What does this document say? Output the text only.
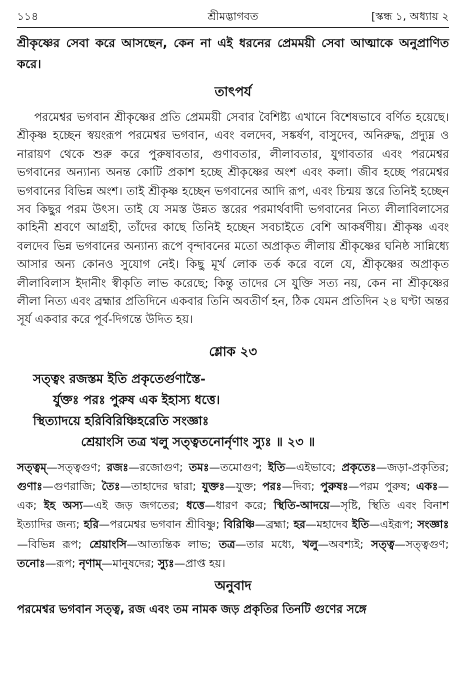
১১৪	শ্রীমদ্ভাগবত	[স্কন্ধ ১, অধ্যায় ২

শ্রীকৃষ্ণের সেবা করে আসছেন, কেন না এই ধরনের প্রেমময়ী সেবা আত্মাকে অনুপ্রাণিত করে।

তাৎপর্য

পরমেশ্বর ভগবান শ্রীকৃষ্ণের প্রতি প্রেমময়ী সেবার বৈশিষ্ট্য এখানে বিশেষভাবে বর্ণিত হয়েছে। শ্রীকৃষ্ণ হচ্ছেন স্বয়ংরূপ পরমেশ্বর ভগবান, এবং বলদেব, সঙ্কর্ষণ, বাসুদেব, অনিরুদ্ধ, প্রদ্যুম্ন ও নারায়ণ থেকে শুরু করে পুরুষাবতার, গুণাবতার, লীলাবতার, যুগাবতার এবং পরমেশ্বর ভগবানের অন্যান্য অনন্ত কোটি প্রকাশ হচ্ছে শ্রীকৃষ্ণের অংশ এবং কলা। জীব হচ্ছে পরমেশ্বর ভগবানের বিভিন্ন অংশ। তাই শ্রীকৃষ্ণ হচ্ছেন ভগবানের আদি রূপ, এবং চিন্ময় স্তরে তিনিই হচ্ছেন সব কিছুর পরম উৎস। তাই যে সমস্ত উন্নত স্তরের পরমার্থবাদী ভগবানের নিত্য লীলাবিলাসের কাহিনী শ্রবণে আগ্রহী, তাঁদের কাছে তিনিই হচ্ছেন সবচাইতে বেশি আকর্ষণীয়। শ্রীকৃষ্ণ এবং বলদেব ভিন্ন ভগবানের অন্যান্য রূপে বৃন্দাবনের মতো অপ্রাকৃত লীলায় শ্রীকৃষ্ণের ঘনিষ্ঠ সান্নিধ্যে আসার অন্য কোনও সুযোগ নেই। কিছু মূর্খ লোক তর্ক করে বলে যে, শ্রীকৃষ্ণের অপ্রাকৃত লীলাবিলাস ইদানীং স্বীকৃতি লাভ করেছে; কিন্তু তাদের সে যুক্তি সত্য নয়, কেন না শ্রীকৃষ্ণের লীলা নিত্য এবং ব্রহ্মার প্রতিদিনে একবার তিনি অবতীর্ণ হন, ঠিক যেমন প্রতিদিন ২৪ ঘণ্টা অন্তর সূর্য একবার করে পূর্ব-দিগন্তে উদিত হয়।

শ্লোক ২৩
সত্ত্বং রজস্তম ইতি প্রকৃতের্গুণাস্তৈ-
র্যুক্তঃ পরঃ পুরুষ এক ইহাস্য ধত্তে।
স্থিত্যাদয়ে হরিবিরিঞ্চিহরেতি সংজ্ঞাঃ
শ্রেয়াংসি তত্র খলু সত্ত্বতনোর্নৃণাং স্যুঃ ॥ ২৩ ॥

সত্ত্বম্—সত্ত্বগুণ; রজঃ—রজোগুণ; তমঃ—তমোগুণ; ইতি—এইভাবে; প্রকৃতেঃ—জড়া-প্রকৃতির; গুণাঃ—গুণরাজি; তৈঃ—তাহাদের দ্বারা; যুক্তঃ—যুক্ত; পরঃ—দিব্য; পুরুষঃ—পরম পুরুষ; একঃ—এক; ইহ অস্য—এই জড় জগতের; ধত্তে—ধারণ করে; স্থিতি-আদয়ে—সৃষ্টি, স্থিতি এবং বিনাশ ইত্যাদির জন্য; হরি—পরমেশ্বর ভগবান শ্রীবিষ্ণু; বিরিঞ্চি—ব্রহ্মা; হর—মহাদেব ইতি—এইরূপ; সংজ্ঞাঃ—বিভিন্ন রূপ; শ্রেয়াংসি—আত্যন্তিক লাভ; তত্র—তার মধ্যে, খলু—অবশ্যই; সত্ত্ব—সত্ত্বগুণ; তনোঃ—রূপ; নৃণাম্—মানুষদের; স্যুঃ—প্রাপ্ত হয়।

অনুবাদ

পরমেশ্বর ভগবান সত্ত্ব, রজ এবং তম নামক জড় প্রকৃতির তিনটি গুণের সঙ্গে
